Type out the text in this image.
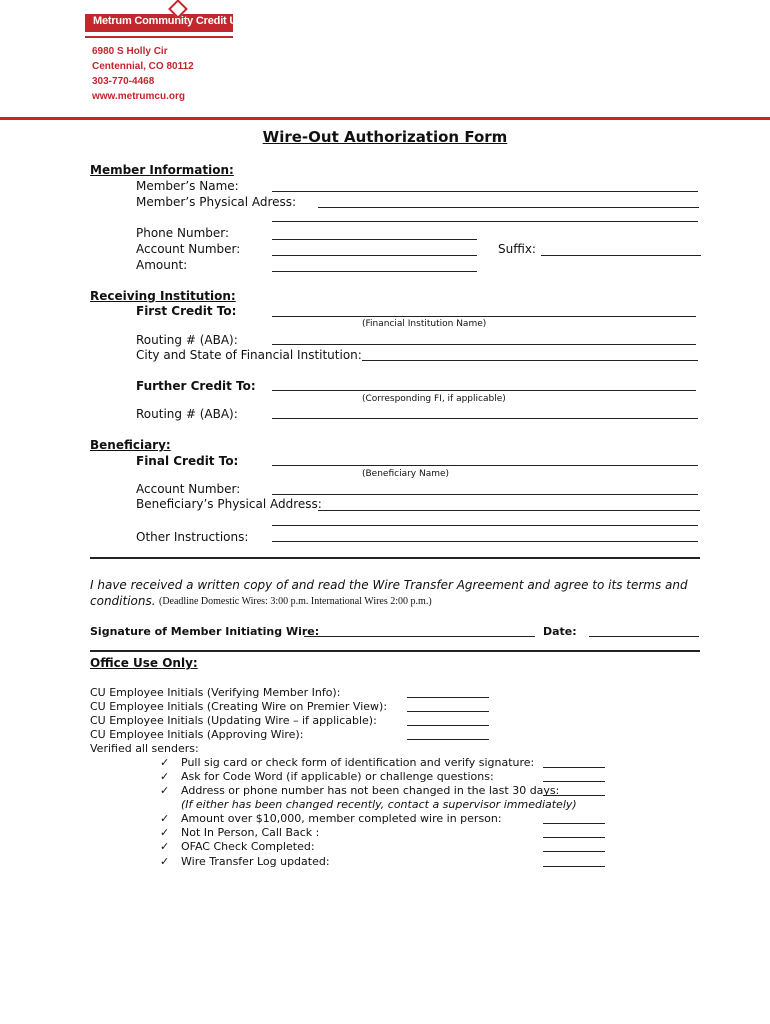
Metrum Community Credit Union
6980 S Holly Cir
Centennial, CO 80112
303-770-4468
www.metrumcu.org
Wire-Out Authorization Form
Member Information:
Member’s Name:
Member’s Physical Adress:
Phone Number:
Account Number:	Suffix:
Amount:
Receiving Institution:
First Credit To:
(Financial Institution Name)
Routing # (ABA):
City and State of Financial Institution:
Further Credit To:
(Corresponding FI, if applicable)
Routing # (ABA):
Beneficiary:
Final Credit To:
(Beneficiary Name)
Account Number:
Beneficiary’s Physical Address:
Other Instructions:
I have received a written copy of and read the Wire Transfer Agreement and agree to its terms and
conditions. (Deadline Domestic Wires: 3:00 p.m. International Wires 2:00 p.m.)
Signature of Member Initiating Wire:	Date:
Office Use Only:
CU Employee Initials (Verifying Member Info):
CU Employee Initials (Creating Wire on Premier View):
CU Employee Initials (Updating Wire – if applicable):
CU Employee Initials (Approving Wire):
Verified all senders:
✓ Pull sig card or check form of identification and verify signature:
✓ Ask for Code Word (if applicable) or challenge questions:
✓ Address or phone number has not been changed in the last 30 days:
(If either has been changed recently, contact a supervisor immediately)
✓ Amount over $10,000, member completed wire in person:
✓ Not In Person, Call Back :
✓ OFAC Check Completed:
✓ Wire Transfer Log updated:
